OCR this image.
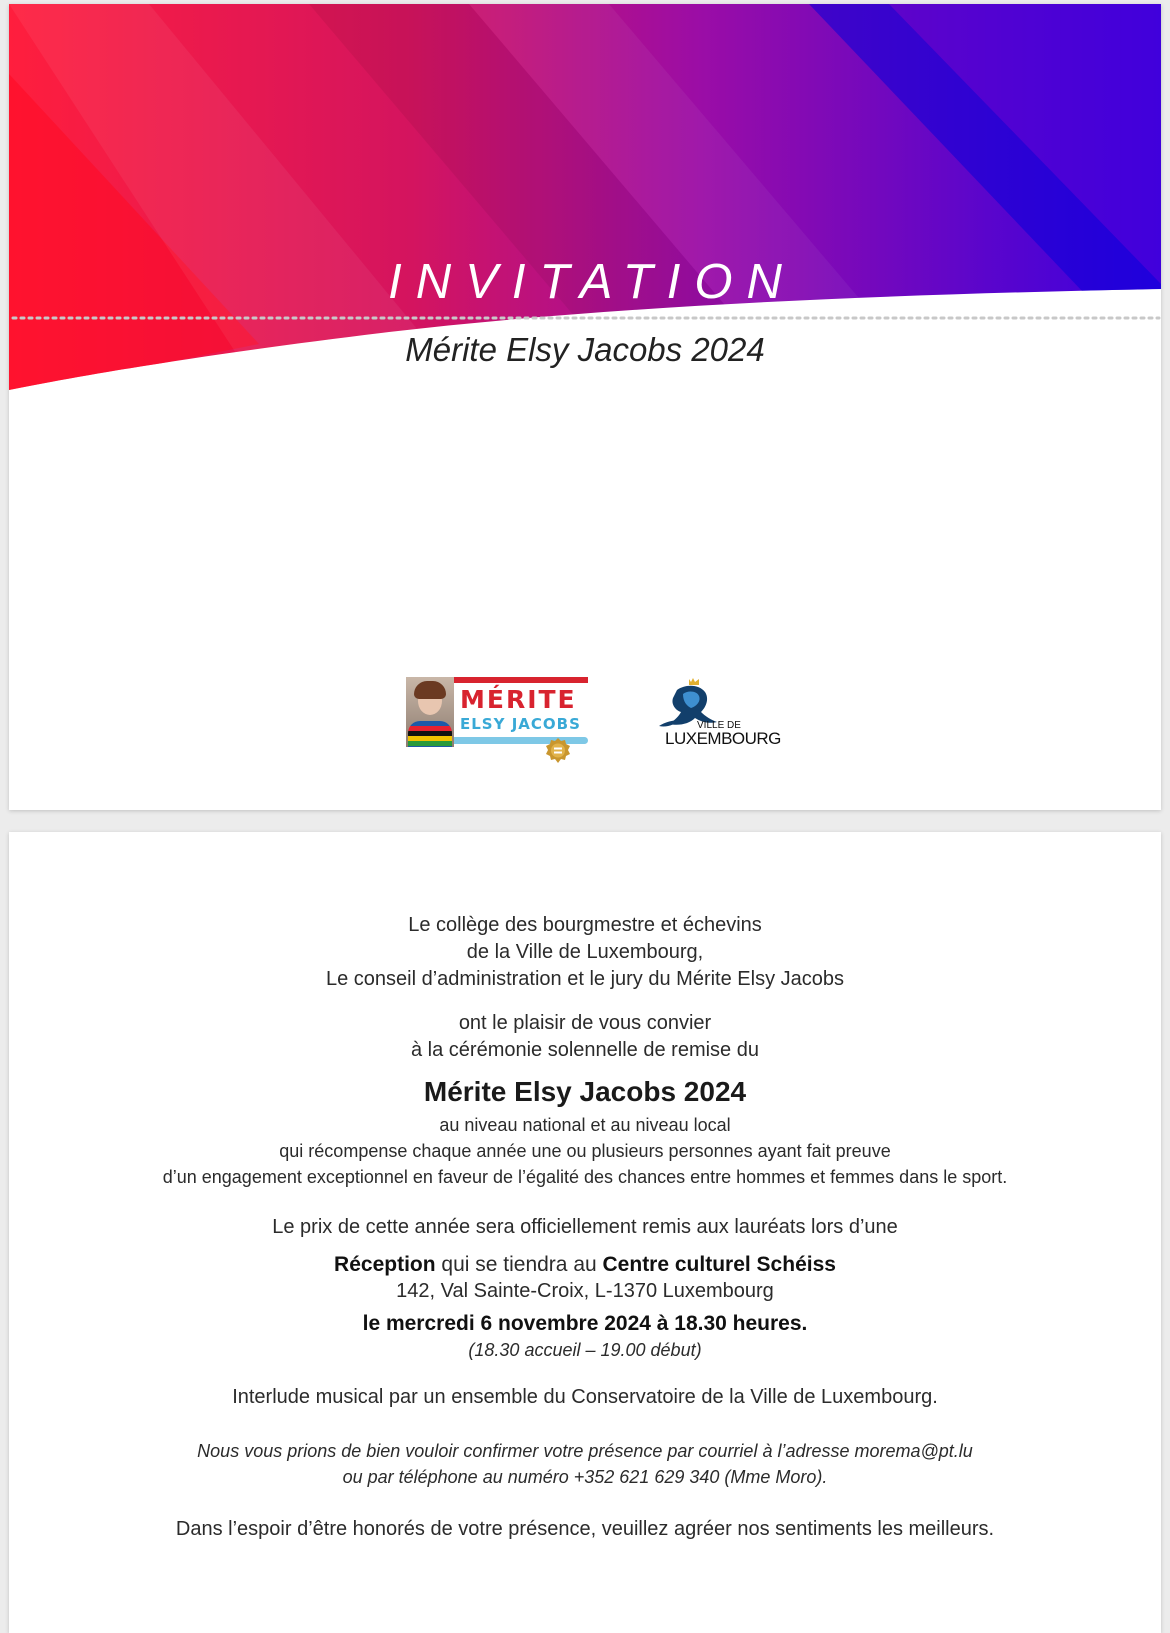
INVITATION
Mérite Elsy Jacobs 2024
MÉRITE
ELSY JACOBS	VILLE DE
LUXEMBOURG
Le collège des bourgmestre et échevins
de la Ville de Luxembourg,
Le conseil d’administration et le jury du Mérite Elsy Jacobs
ont le plaisir de vous convier
à la cérémonie solennelle de remise du
Mérite Elsy Jacobs 2024
au niveau national et au niveau local
qui récompense chaque année une ou plusieurs personnes ayant fait preuve
d’un engagement exceptionnel en faveur de l’égalité des chances entre hommes et femmes dans le sport.
Le prix de cette année sera officiellement remis aux lauréats lors d’une
Réception qui se tiendra au Centre culturel Schéiss
142, Val Sainte-Croix, L-1370 Luxembourg
le mercredi 6 novembre 2024 à 18.30 heures.
(18.30 accueil – 19.00 début)
Interlude musical par un ensemble du Conservatoire de la Ville de Luxembourg.
Nous vous prions de bien vouloir confirmer votre présence par courriel à l’adresse morema@pt.lu
ou par téléphone au numéro +352 621 629 340 (Mme Moro).
Dans l’espoir d’être honorés de votre présence, veuillez agréer nos sentiments les meilleurs.
